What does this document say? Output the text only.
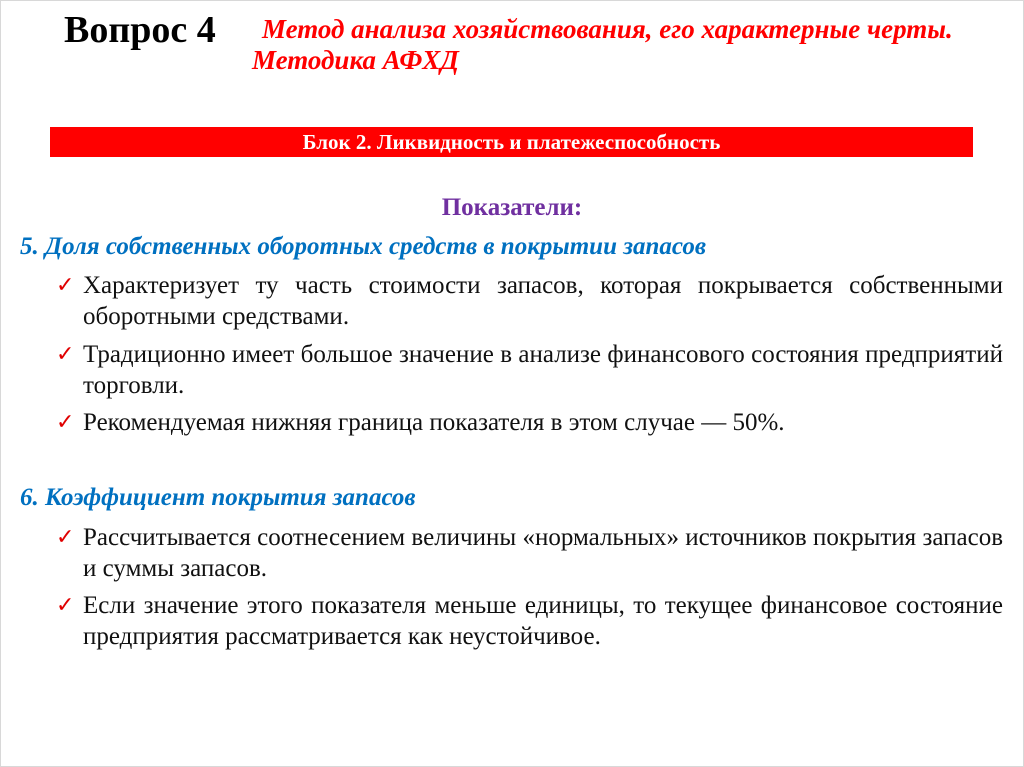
Вопрос 4 Метод анализа хозяйствования, его характерные черты.
Методика АФХД
Блок 2. Ликвидность и платежеспособность
Показатели:
5. Доля собственных оборотных средств в покрытии запасов
✓ Характеризует ту часть стоимости запасов, которая покрывается собственными оборотными средствами.
✓ Традиционно имеет большое значение в анализе финансового состояния предприятий торговли.
✓ Рекомендуемая нижняя граница показателя в этом случае — 50%.
6. Коэффициент покрытия запасов
✓ Рассчитывается соотнесением величины «нормальных» источников покрытия запасов и суммы запасов.
✓ Если значение этого показателя меньше единицы, то текущее финансовое состояние предприятия рассматривается как неустойчивое.
